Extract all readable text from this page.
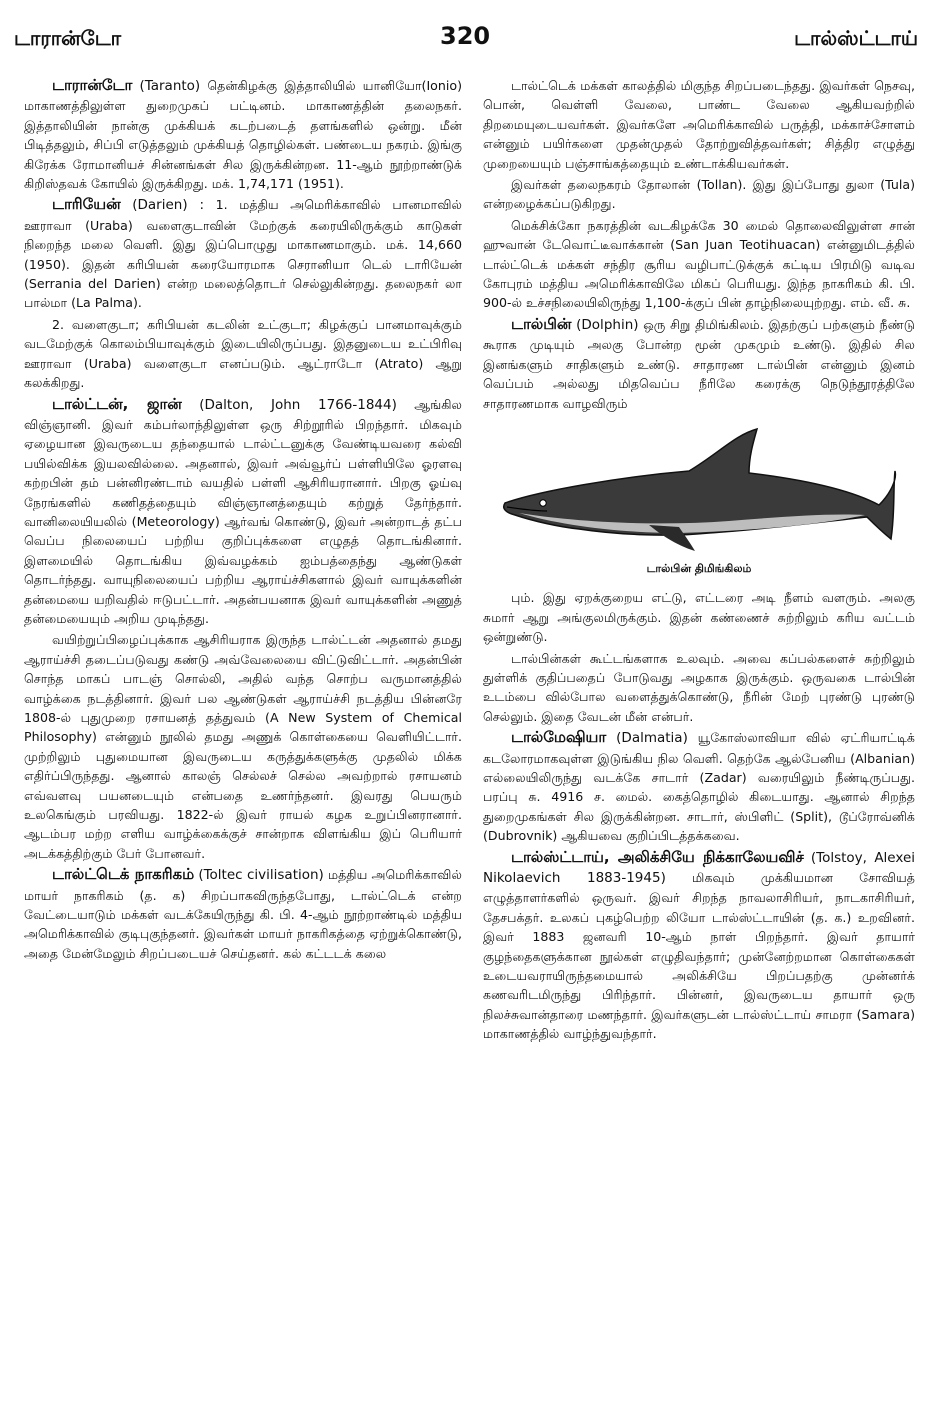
டாரான்டோ	320	டால்ஸ்ட்டாய்

டாரான்டோ (Taranto) தென்கிழக்கு இத்தாலியில் யானியோ(Ionio) மாகாணத்திலுள்ள துறைமுகப் பட்டினம். மாகாணத்தின் தலைநகர். இத்தாலியின் நான்கு முக்கியக் கடற்படைத் தளங்களில் ஒன்று. மீன் பிடித்தலும், சிப்பி எடுத்தலும் முக்கியத் தொழில்கள். பண்டைய நகரம். இங்கு கிரேக்க ரோமானியச் சின்னங்கள் சில இருக்கின்றன. 11-ஆம் நூற்றாண்டுக் கிறிஸ்தவக் கோயில் இருக்கிறது. மக். 1,74,171 (1951).

டாரியேன் (Darien) : 1. மத்திய அமெரிக்காவில் பானமாவில் ஊராவா (Uraba) வளைகுடாவின் மேற்குக் கரையிலிருக்கும் காடுகள் நிறைந்த மலை வெளி. இது இப்பொழுது மாகாணமாகும். மக். 14,660 (1950). இதன் கரிபியன் கரையோரமாக செரானியா டெல் டாரியேன் (Serrania del Darien) என்ற மலைத்தொடர் செல்லுகின்றது. தலைநகர் லா பால்மா (La Palma).

2. வளைகுடா; கரிபியன் கடலின் உட்குடா; கிழக்குப் பானமாவுக்கும் வடமேற்குக் கொலம்பியாவுக்கும் இடையிலிருப்பது. இதனுடைய உட்பிரிவு ஊராவா (Uraba) வளைகுடா எனப்படும். ஆட்ராடோ (Atrato) ஆறு கலக்கிறது.

டால்ட்டன், ஜான் (Dalton, John 1766-1844) ஆங்கில விஞ்ஞானி. இவர் கம்பர்லாந்திலுள்ள ஒரு சிற்றூரில் பிறந்தார். மிகவும் ஏழையான இவருடைய தந்தையால் டால்ட்டனுக்கு வேண்டியவரை கல்வி பயில்விக்க இயலவில்லை. அதனால், இவர் அவ்வூர்ப் பள்ளியிலே ஓரளவு கற்றபின் தம் பன்னிரண்டாம் வயதில் பள்ளி ஆசிரியரானார். பிறகு ஓய்வு நேரங்களில் கணிதத்தையும் விஞ்ஞானத்தையும் கற்றுத் தேர்ந்தார். வானிலையியலில் (Meteorology) ஆர்வங் கொண்டு, இவர் அன்றாடத் தட்ப வெப்ப நிலையைப் பற்றிய குறிப்புக்களை எழுதத் தொடங்கினார். இளமையில் தொடங்கிய இவ்வழக்கம் ஐம்பத்தைந்து ஆண்டுகள் தொடர்ந்தது. வாயுநிலையைப் பற்றிய ஆராய்ச்சிகளால் இவர் வாயுக்களின் தன்மையை யறிவதில் ஈடுபட்டார். அதன்பயனாக இவர் வாயுக்களின் அணுத் தன்மையையும் அறிய முடிந்தது.

வயிற்றுப்பிழைப்புக்காக ஆசிரியராக இருந்த டால்ட்டன் அதனால் தமது ஆராய்ச்சி தடைப்படுவது கண்டு அவ்வேலையை விட்டுவிட்டார். அதன்பின் சொந்த மாகப் பாடஞ் சொல்லி, அதில் வந்த சொற்ப வருமானத்தில் வாழ்க்கை நடத்தினார். இவர் பல ஆண்டுகள் ஆராய்ச்சி நடத்திய பின்னரே 1808-ல் புதுமுறை ரசாயனத் தத்துவம் (A New System of Chemical Philosophy) என்னும் நூலில் தமது அணுக் கொள்கையை வெளியிட்டார். முற்றிலும் புதுமையான இவருடைய கருத்துக்களுக்கு முதலில் மிக்க எதிர்ப்பிருந்தது. ஆனால் காலஞ் செல்லச் செல்ல அவற்றால் ரசாயனம் எவ்வளவு பயனடையும் என்பதை உணர்ந்தனர். இவரது பெயரும் உலகெங்கும் பரவியது. 1822-ல் இவர் ராயல் கழக உறுப்பினரானார். ஆடம்பர மற்ற எளிய வாழ்க்கைக்குச் சான்றாக விளங்கிய இப் பெரியார் அடக்கத்திற்கும் பேர் போனவர்.

டால்ட்டெக் நாகரிகம் (Toltec civilisation) மத்திய அமெரிக்காவில் மாயர் நாகரிகம் (த. க) சிறப்பாகவிருந்தபோது, டால்ட்டெக் என்ற வேட்டையாடும் மக்கள் வடக்கேயிருந்து கி. பி. 4-ஆம் நூற்றாண்டில் மத்திய அமெரிக்காவில் குடிபுகுந்தனர். இவர்கள் மாயர் நாகரிகத்தை ஏற்றுக்கொண்டு, அதை மேன்மேலும் சிறப்படையச் செய்தனர். கல் கட்டடக் கலை

டால்ட்டெக் மக்கள் காலத்தில் மிகுந்த சிறப்படைந்தது. இவர்கள் நெசவு, பொன், வெள்ளி வேலை, பாண்ட வேலை ஆகியவற்றில் திறமையுடையவர்கள். இவர்களே அமெரிக்காவில் பருத்தி, மக்காச்சோளம் என்னும் பயிர்களை முதன்முதல் தோற்றுவித்தவர்கள்; சித்திர எழுத்து முறையையும் பஞ்சாங்கத்தையும் உண்டாக்கியவர்கள்.

இவர்கள் தலைநகரம் தோலான் (Tollan). இது இப்போது துலா (Tula) என்றழைக்கப்படுகிறது.

மெக்சிக்கோ நகரத்தின் வடகிழக்கே 30 மைல் தொலைவிலுள்ள சான் ஹுவான் டேவொட்டீவாக்கான் (San Juan Teotihuacan) என்னுமிடத்தில் டால்ட்டெக் மக்கள் சந்திர சூரிய வழிபாட்டுக்குக் கட்டிய பிரமிடு வடிவ கோபுரம் மத்திய அமெரிக்காவிலே மிகப் பெரியது. இந்த நாகரிகம் கி. பி. 900-ல் உச்சநிலையிலிருந்து 1,100-க்குப் பின் தாழ்நிலையுற்றது. எம். வீ. சு.

டால்பின் (Dolphin) ஒரு சிறு திமிங்கிலம். இதற்குப் பற்களும் நீண்டு கூராக முடியும் அலகு போன்ற மூன் முகமும் உண்டு. இதில் சில இனங்களும் சாதிகளும் உண்டு. சாதாரண டால்பின் என்னும் இனம் வெப்பம் அல்லது மிதவெப்ப நீரிலே கரைக்கு நெடுந்தூரத்திலே சாதாரணமாக வாழவிரும்

டால்பின் திமிங்கிலம்

பும். இது ஏறக்குறைய எட்டு, எட்டரை அடி நீளம் வளரும். அலகு சுமார் ஆறு அங்குலமிருக்கும். இதன் கண்ணைச் சுற்றிலும் கரிய வட்டம் ஒன்றுண்டு.

டால்பின்கள் கூட்டங்களாக உலவும். அவை கப்பல்களைச் சுற்றிலும் துள்ளிக் குதிப்பதைப் போடுவது அழகாக இருக்கும். ஒருவகை டால்பின் உடம்பை வில்போல வளைத்துக்கொண்டு, நீரின் மேற் புரண்டு புரண்டு செல்லும். இதை வேடன் மீன் என்பர்.

டால்மேஷியா (Dalmatia) யூகோஸ்லாவியா வில் ஏட்ரியாட்டிக் கடலோரமாகவுள்ள இடுங்கிய நில வெளி. தெற்கே ஆல்பேனிய (Albanian) எல்லையிலிருந்து வடக்கே சாடார் (Zadar) வரையிலும் நீண்டிருப்பது. பரப்பு சு. 4916 ச. மைல். கைத்தொழில் கிடையாது. ஆனால் சிறந்த துறைமுகங்கள் சில இருக்கின்றன. சாடார், ஸ்பிளிட் (Split), டூப்ரோவ்னிக் (Dubrovnik) ஆகியவை குறிப்பிடத்தக்கவை.

டால்ஸ்ட்டாய், அலிக்சியே நிக்காலேயவிச் (Tolstoy, Alexei Nikolaevich 1883-1945) மிகவும் முக்கியமான சோவியத் எழுத்தாளர்களில் ஒருவர். இவர் சிறந்த நாவலாசிரியர், நாடகாசிரியர், தேசபக்தர். உலகப் புகழ்பெற்ற லியோ டால்ஸ்ட்டாயின் (த. க.) உறவினர். இவர் 1883 ஜனவரி 10-ஆம் நாள் பிறந்தார். இவர் தாயார் குழந்தைகளுக்கான நூல்கள் எழுதிவந்தார்; முன்னேற்றமான கொள்கைகள் உடையவராயிருந்தமையால் அலிக்சியே பிறப்பதற்கு முன்னர்க் கணவரிடமிருந்து பிரிந்தார். பின்னர், இவருடைய தாயார் ஒரு நிலச்சுவான்தாரை மணந்தார். இவர்களுடன் டால்ஸ்ட்டாய் சாமரா (Samara) மாகாணத்தில் வாழ்ந்துவந்தார்.
